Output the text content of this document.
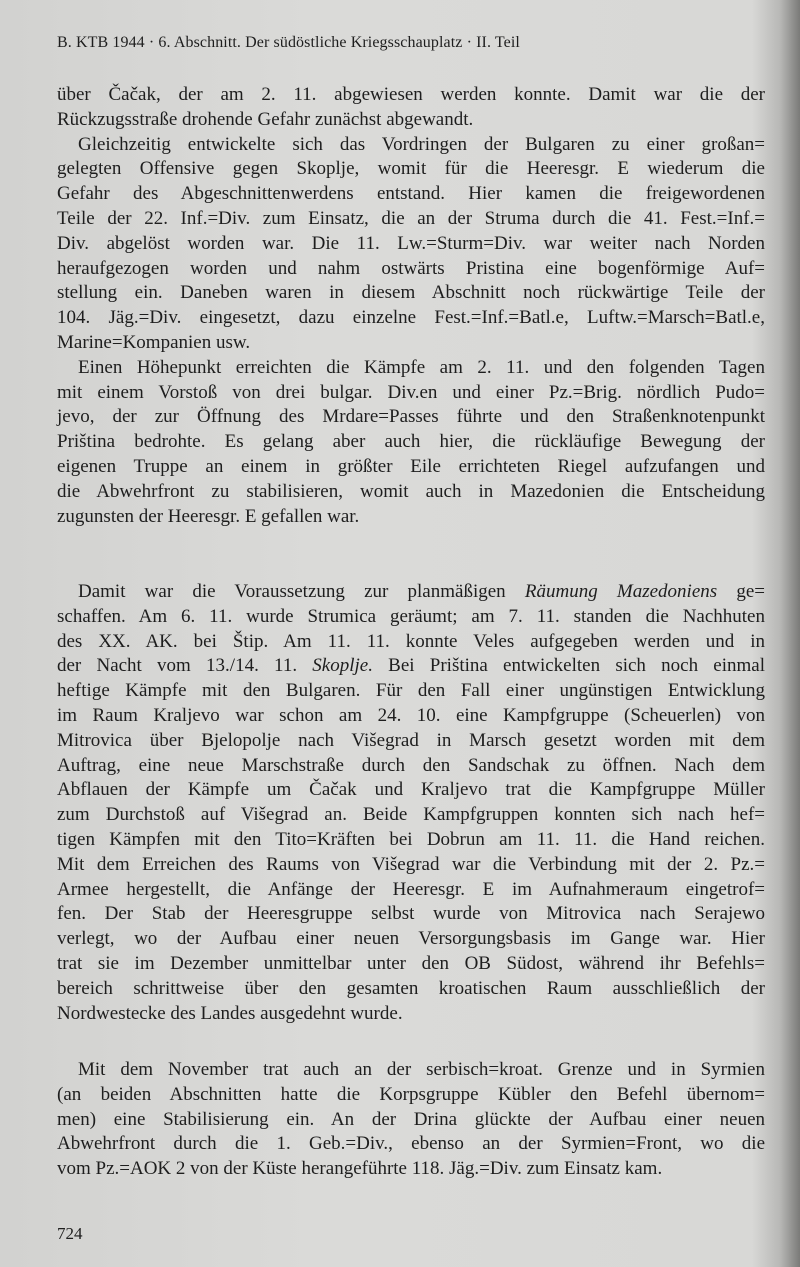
B. KTB 1944 · 6. Abschnitt. Der südöstliche Kriegsschauplatz · II. Teil
über Čačak, der am 2. 11. abgewiesen werden konnte. Damit war die der
Rückzugsstraße drohende Gefahr zunächst abgewandt.
Gleichzeitig entwickelte sich das Vordringen der Bulgaren zu einer großan=
gelegten Offensive gegen Skoplje, womit für die Heeresgr. E wiederum die
Gefahr des Abgeschnittenwerdens entstand. Hier kamen die freigewordenen
Teile der 22. Inf.=Div. zum Einsatz, die an der Struma durch die 41. Fest.=Inf.=
Div. abgelöst worden war. Die 11. Lw.=Sturm=Div. war weiter nach Norden
heraufgezogen worden und nahm ostwärts Pristina eine bogenförmige Auf=
stellung ein. Daneben waren in diesem Abschnitt noch rückwärtige Teile der
104. Jäg.=Div. eingesetzt, dazu einzelne Fest.=Inf.=Batl.e, Luftw.=Marsch=Batl.e,
Marine=Kompanien usw.
Einen Höhepunkt erreichten die Kämpfe am 2. 11. und den folgenden Tagen
mit einem Vorstoß von drei bulgar. Div.en und einer Pz.=Brig. nördlich Pudo=
jevo, der zur Öffnung des Mrdare=Passes führte und den Straßenknotenpunkt
Priština bedrohte. Es gelang aber auch hier, die rückläufige Bewegung der
eigenen Truppe an einem in größter Eile errichteten Riegel aufzufangen und
die Abwehrfront zu stabilisieren, womit auch in Mazedonien die Entscheidung
zugunsten der Heeresgr. E gefallen war.
Damit war die Voraussetzung zur planmäßigen Räumung Mazedoniens ge=
schaffen. Am 6. 11. wurde Strumica geräumt; am 7. 11. standen die Nachhuten
des XX. AK. bei Štip. Am 11. 11. konnte Veles aufgegeben werden und in
der Nacht vom 13./14. 11. Skoplje. Bei Priština entwickelten sich noch einmal
heftige Kämpfe mit den Bulgaren. Für den Fall einer ungünstigen Entwicklung
im Raum Kraljevo war schon am 24. 10. eine Kampfgruppe (Scheuerlen) von
Mitrovica über Bjelopolje nach Višegrad in Marsch gesetzt worden mit dem
Auftrag, eine neue Marschstraße durch den Sandschak zu öffnen. Nach dem
Abflauen der Kämpfe um Čačak und Kraljevo trat die Kampfgruppe Müller
zum Durchstoß auf Višegrad an. Beide Kampfgruppen konnten sich nach hef=
tigen Kämpfen mit den Tito=Kräften bei Dobrun am 11. 11. die Hand reichen.
Mit dem Erreichen des Raums von Višegrad war die Verbindung mit der 2. Pz.=
Armee hergestellt, die Anfänge der Heeresgr. E im Aufnahmeraum eingetrof=
fen. Der Stab der Heeresgruppe selbst wurde von Mitrovica nach Serajewo
verlegt, wo der Aufbau einer neuen Versorgungsbasis im Gange war. Hier
trat sie im Dezember unmittelbar unter den OB Südost, während ihr Befehls=
bereich schrittweise über den gesamten kroatischen Raum ausschließlich der
Nordwestecke des Landes ausgedehnt wurde.
Mit dem November trat auch an der serbisch=kroat. Grenze und in Syrmien
(an beiden Abschnitten hatte die Korpsgruppe Kübler den Befehl übernom=
men) eine Stabilisierung ein. An der Drina glückte der Aufbau einer neuen
Abwehrfront durch die 1. Geb.=Div., ebenso an der Syrmien=Front, wo die
vom Pz.=AOK 2 von der Küste herangeführte 118. Jäg.=Div. zum Einsatz kam.
724
